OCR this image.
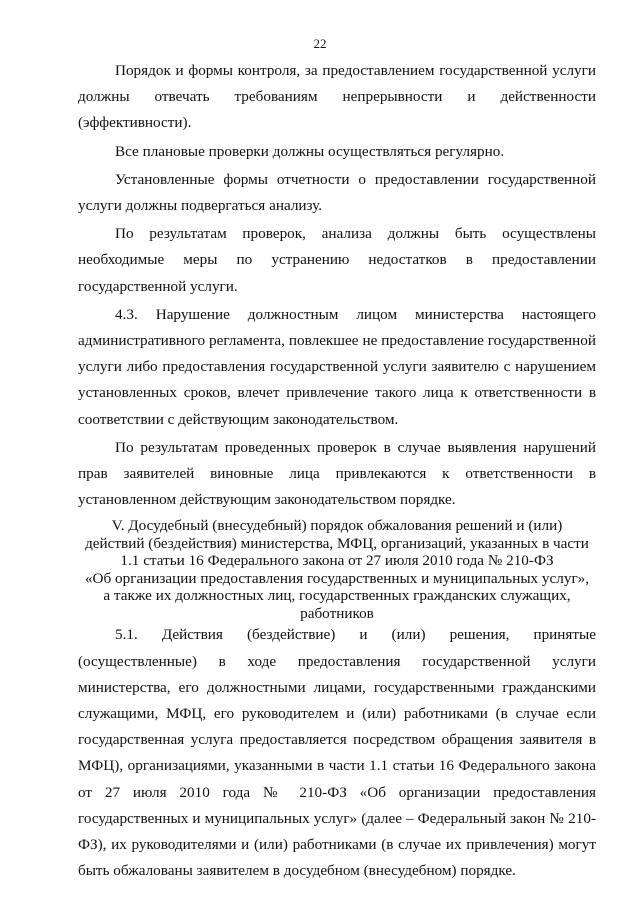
22

Порядок и формы контроля, за предоставлением государственной услуги должны отвечать требованиям непрерывности и действенности (эффективности).

Все плановые проверки должны осуществляться регулярно.

Установленные формы отчетности о предоставлении государственной услуги должны подвергаться анализу.

По результатам проверок, анализа должны быть осуществлены необходимые меры по устранению недостатков в предоставлении государственной услуги.

4.3. Нарушение должностным лицом министерства настоящего административного регламента, повлекшее не предоставление государственной услуги либо предоставления государственной услуги заявителю с нарушением установленных сроков, влечет привлечение такого лица к ответственности в соответствии с действующим законодательством.

По результатам проведенных проверок в случае выявления нарушений прав заявителей виновные лица привлекаются к ответственности в установленном действующим законодательством порядке.

V. Досудебный (внесудебный) порядок обжалования решений и (или)
действий (бездействия) министерства, МФЦ, организаций, указанных в части
1.1 статьи 16 Федерального закона от 27 июля 2010 года № 210-ФЗ
«Об организации предоставления государственных и муниципальных услуг»,
а также их должностных лиц, государственных гражданских служащих,
работников

5.1. Действия (бездействие) и (или) решения, принятые (осуществленные) в ходе предоставления государственной услуги министерства, его должностными лицами, государственными гражданскими служащими, МФЦ, его руководителем и (или) работниками (в случае если государственная услуга предоставляется посредством обращения заявителя в МФЦ), организациями, указанными в части 1.1 статьи 16 Федерального закона от 27 июля 2010 года № 210-ФЗ «Об организации предоставления государственных и муниципальных услуг» (далее – Федеральный закон № 210-ФЗ), их руководителями и (или) работниками (в случае их привлечения) могут быть обжалованы заявителем в досудебном (внесудебном) порядке.
